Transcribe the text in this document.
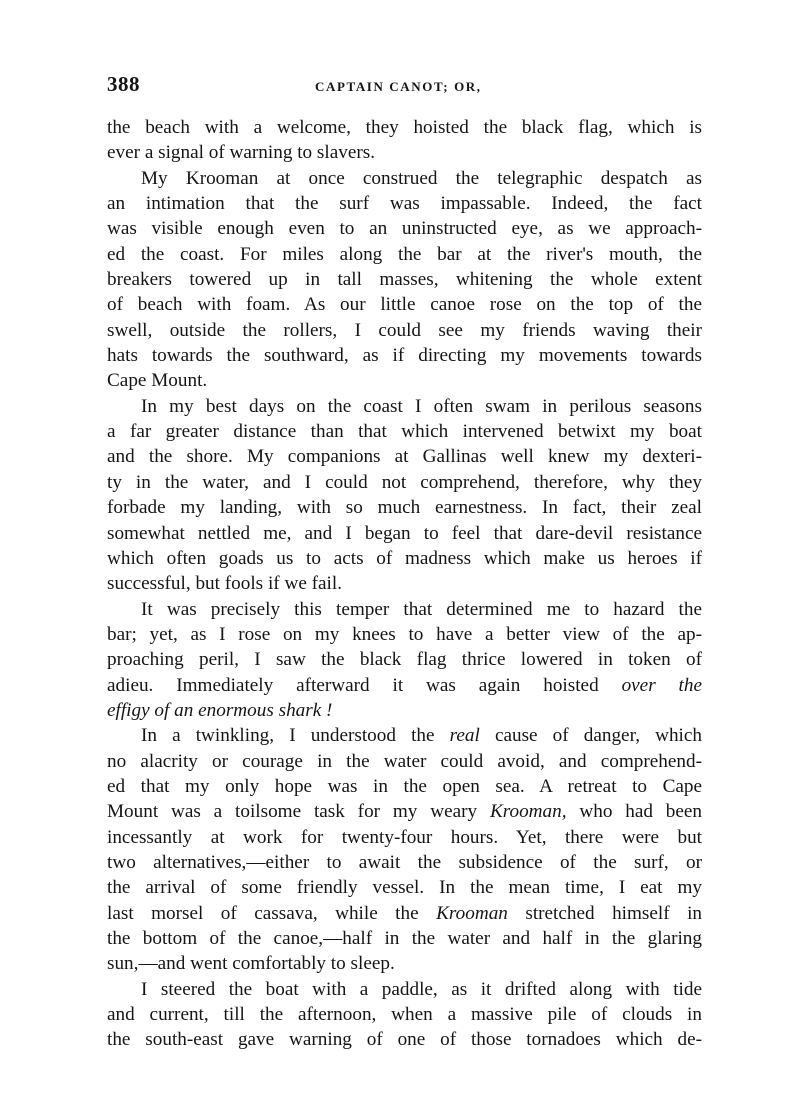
388	CAPTAIN CANOT; OR,
the beach with a welcome, they hoisted the black flag, which is
ever a signal of warning to slavers.
My Krooman at once construed the telegraphic despatch as
an intimation that the surf was impassable. Indeed, the fact
was visible enough even to an uninstructed eye, as we approach-
ed the coast. For miles along the bar at the river's mouth, the
breakers towered up in tall masses, whitening the whole extent
of beach with foam. As our little canoe rose on the top of the
swell, outside the rollers, I could see my friends waving their
hats towards the southward, as if directing my movements towards
Cape Mount.
In my best days on the coast I often swam in perilous seasons
a far greater distance than that which intervened betwixt my boat
and the shore. My companions at Gallinas well knew my dexteri-
ty in the water, and I could not comprehend, therefore, why they
forbade my landing, with so much earnestness. In fact, their zeal
somewhat nettled me, and I began to feel that dare-devil resistance
which often goads us to acts of madness which make us heroes if
successful, but fools if we fail.
It was precisely this temper that determined me to hazard the
bar; yet, as I rose on my knees to have a better view of the ap-
proaching peril, I saw the black flag thrice lowered in token of
adieu. Immediately afterward it was again hoisted over the
effigy of an enormous shark !
In a twinkling, I understood the real cause of danger, which
no alacrity or courage in the water could avoid, and comprehend-
ed that my only hope was in the open sea. A retreat to Cape
Mount was a toilsome task for my weary Krooman, who had been
incessantly at work for twenty-four hours. Yet, there were but
two alternatives,—either to await the subsidence of the surf, or
the arrival of some friendly vessel. In the mean time, I eat my
last morsel of cassava, while the Krooman stretched himself in
the bottom of the canoe,—half in the water and half in the glaring
sun,—and went comfortably to sleep.
I steered the boat with a paddle, as it drifted along with tide
and current, till the afternoon, when a massive pile of clouds in
the south-east gave warning of one of those tornadoes which de-
